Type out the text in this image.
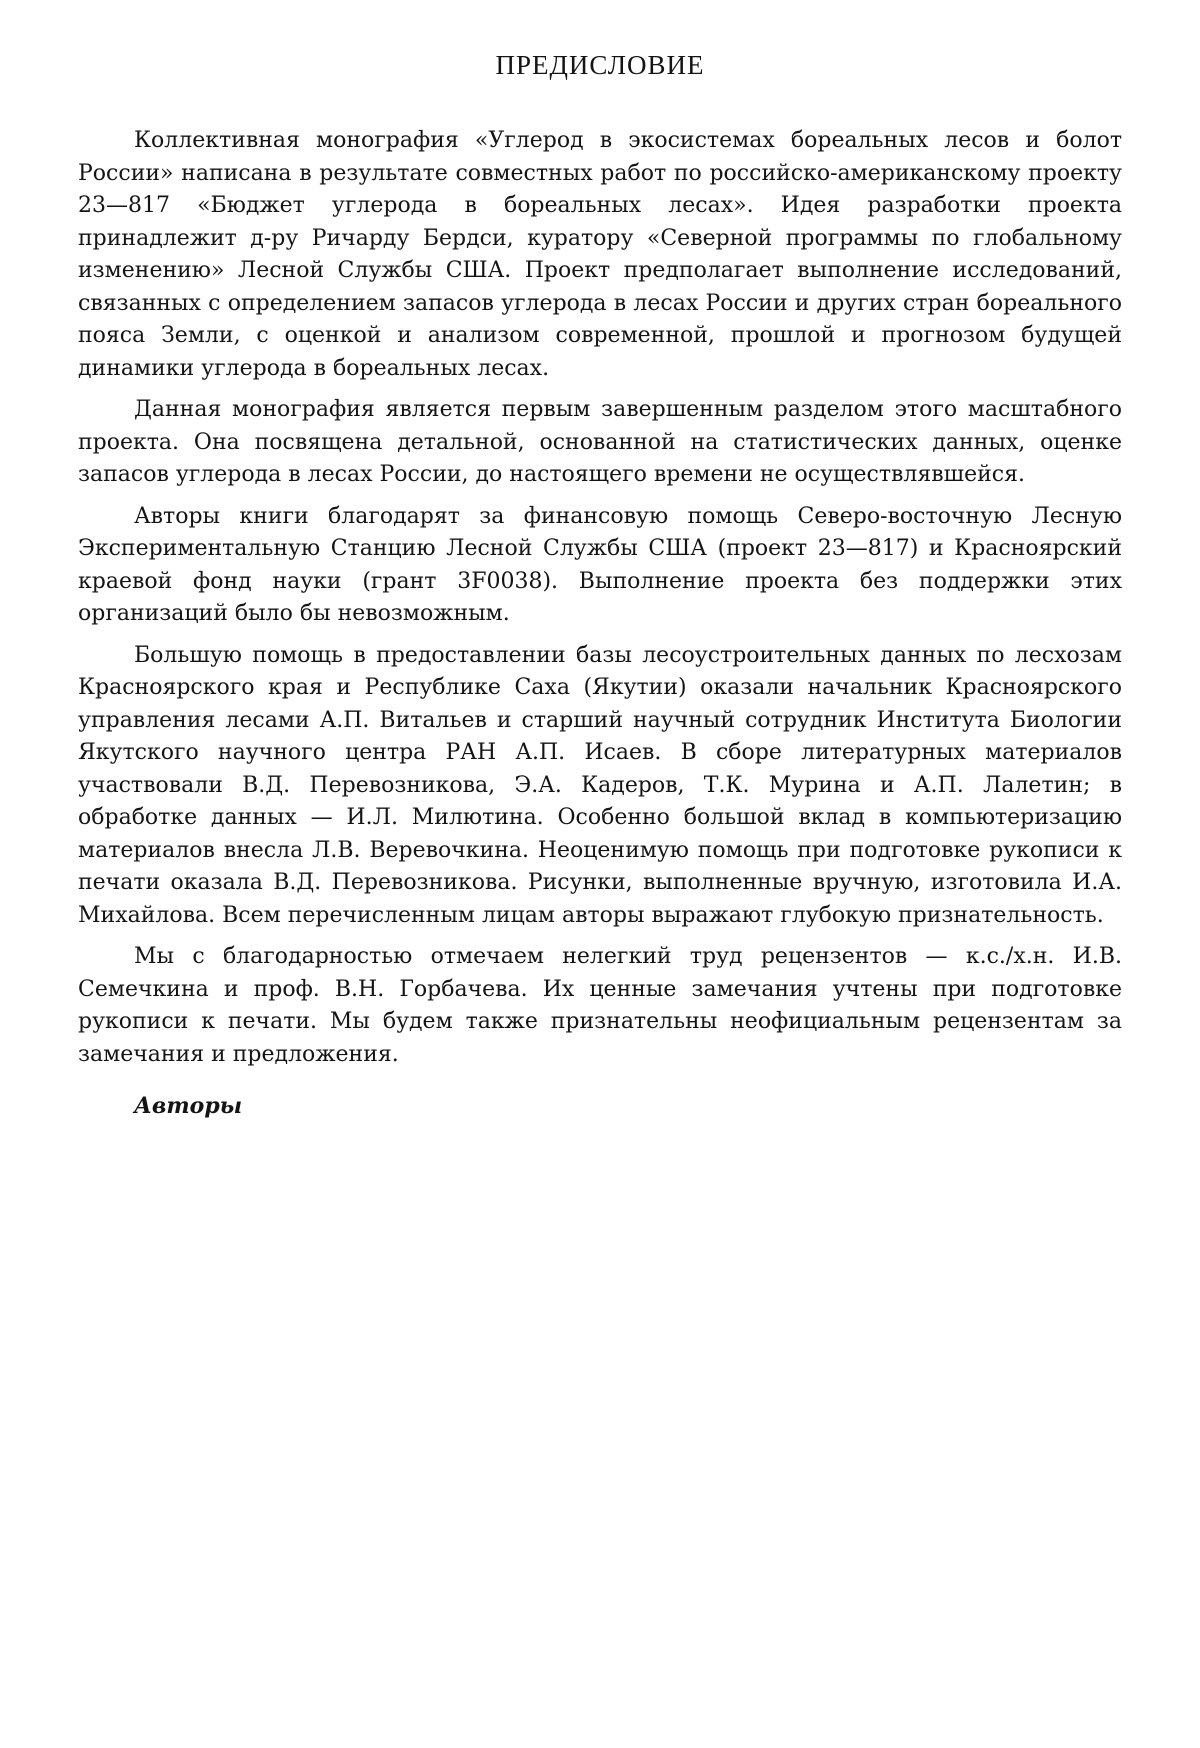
ПРЕДИСЛОВИЕ

Коллективная монография «Углерод в экосистемах бореальных лесов и болот России» написана в результате совместных работ по российско-американскому проекту 23—817 «Бюджет углерода в бореальных лесах». Идея разработки проекта принадлежит д-ру Ричарду Бердси, куратору «Северной программы по глобальному изменению» Лесной Службы США. Проект предполагает выполнение исследований, связанных с определением запасов углерода в лесах России и других стран бореального пояса Земли, с оценкой и анализом современной, прошлой и прогнозом будущей динамики углерода в бореальных лесах.

Данная монография является первым завершенным разделом этого масштабного проекта. Она посвящена детальной, основанной на статистических данных, оценке запасов углерода в лесах России, до настоящего времени не осуществлявшейся.

Авторы книги благодарят за финансовую помощь Северо-восточную Лесную Экспериментальную Станцию Лесной Службы США (проект 23—817) и Красноярский краевой фонд науки (грант 3F0038). Выполнение проекта без поддержки этих организаций было бы невозможным.

Большую помощь в предоставлении базы лесоустроительных данных по лесхозам Красноярского края и Республике Саха (Якутии) оказали начальник Красноярского управления лесами А.П. Витальев и старший научный сотрудник Института Биологии Якутского научного центра РАН А.П. Исаев. В сборе литературных материалов участвовали В.Д. Перевозникова, Э.А. Кадеров, Т.К. Мурина и А.П. Лалетин; в обработке данных — И.Л. Милютина. Особенно большой вклад в компьютеризацию материалов внесла Л.В. Веревочкина. Неоценимую помощь при подготовке рукописи к печати оказала В.Д. Перевозникова. Рисунки, выполненные вручную, изготовила И.А. Михайлова. Всем перечисленным лицам авторы выражают глубокую признательность.

Мы с благодарностью отмечаем нелегкий труд рецензентов — к.с./х.н. И.В. Семечкина и проф. В.Н. Горбачева. Их ценные замечания учтены при подготовке рукописи к печати. Мы будем также признательны неофициальным рецензентам за замечания и предложения.

Авторы
